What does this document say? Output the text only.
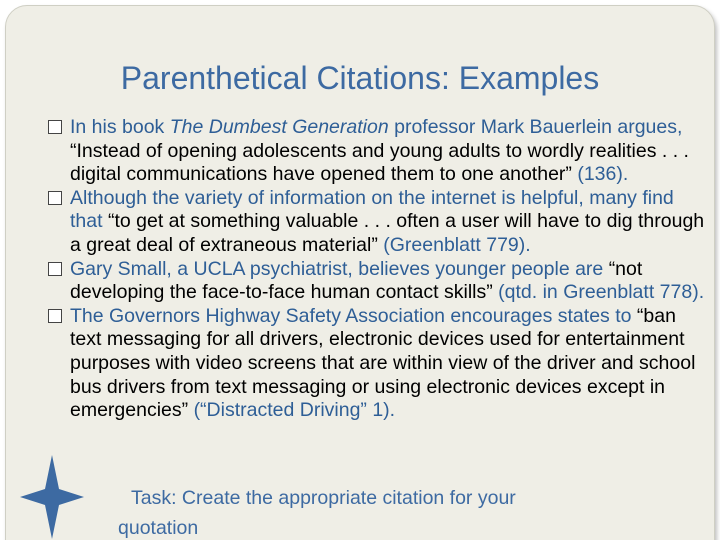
Parenthetical Citations: Examples
In his book The Dumbest Generation professor Mark Bauerlein argues, “Instead of opening adolescents and young adults to wordly realities . . . digital communications have opened them to one another” (136).
Although the variety of information on the internet is helpful, many find that “to get at something valuable . . . often a user will have to dig through a great deal of extraneous material” (Greenblatt 779).
Gary Small, a UCLA psychiatrist, believes younger people are “not developing the face-to-face human contact skills” (qtd. in Greenblatt 778).
The Governors Highway Safety Association encourages states to “ban text messaging for all drivers, electronic devices used for entertainment purposes with video screens that are within view of the driver and school bus drivers from text messaging or using electronic devices except in emergencies” (“Distracted Driving” 1).
Task: Create the appropriate citation for your
quotation
